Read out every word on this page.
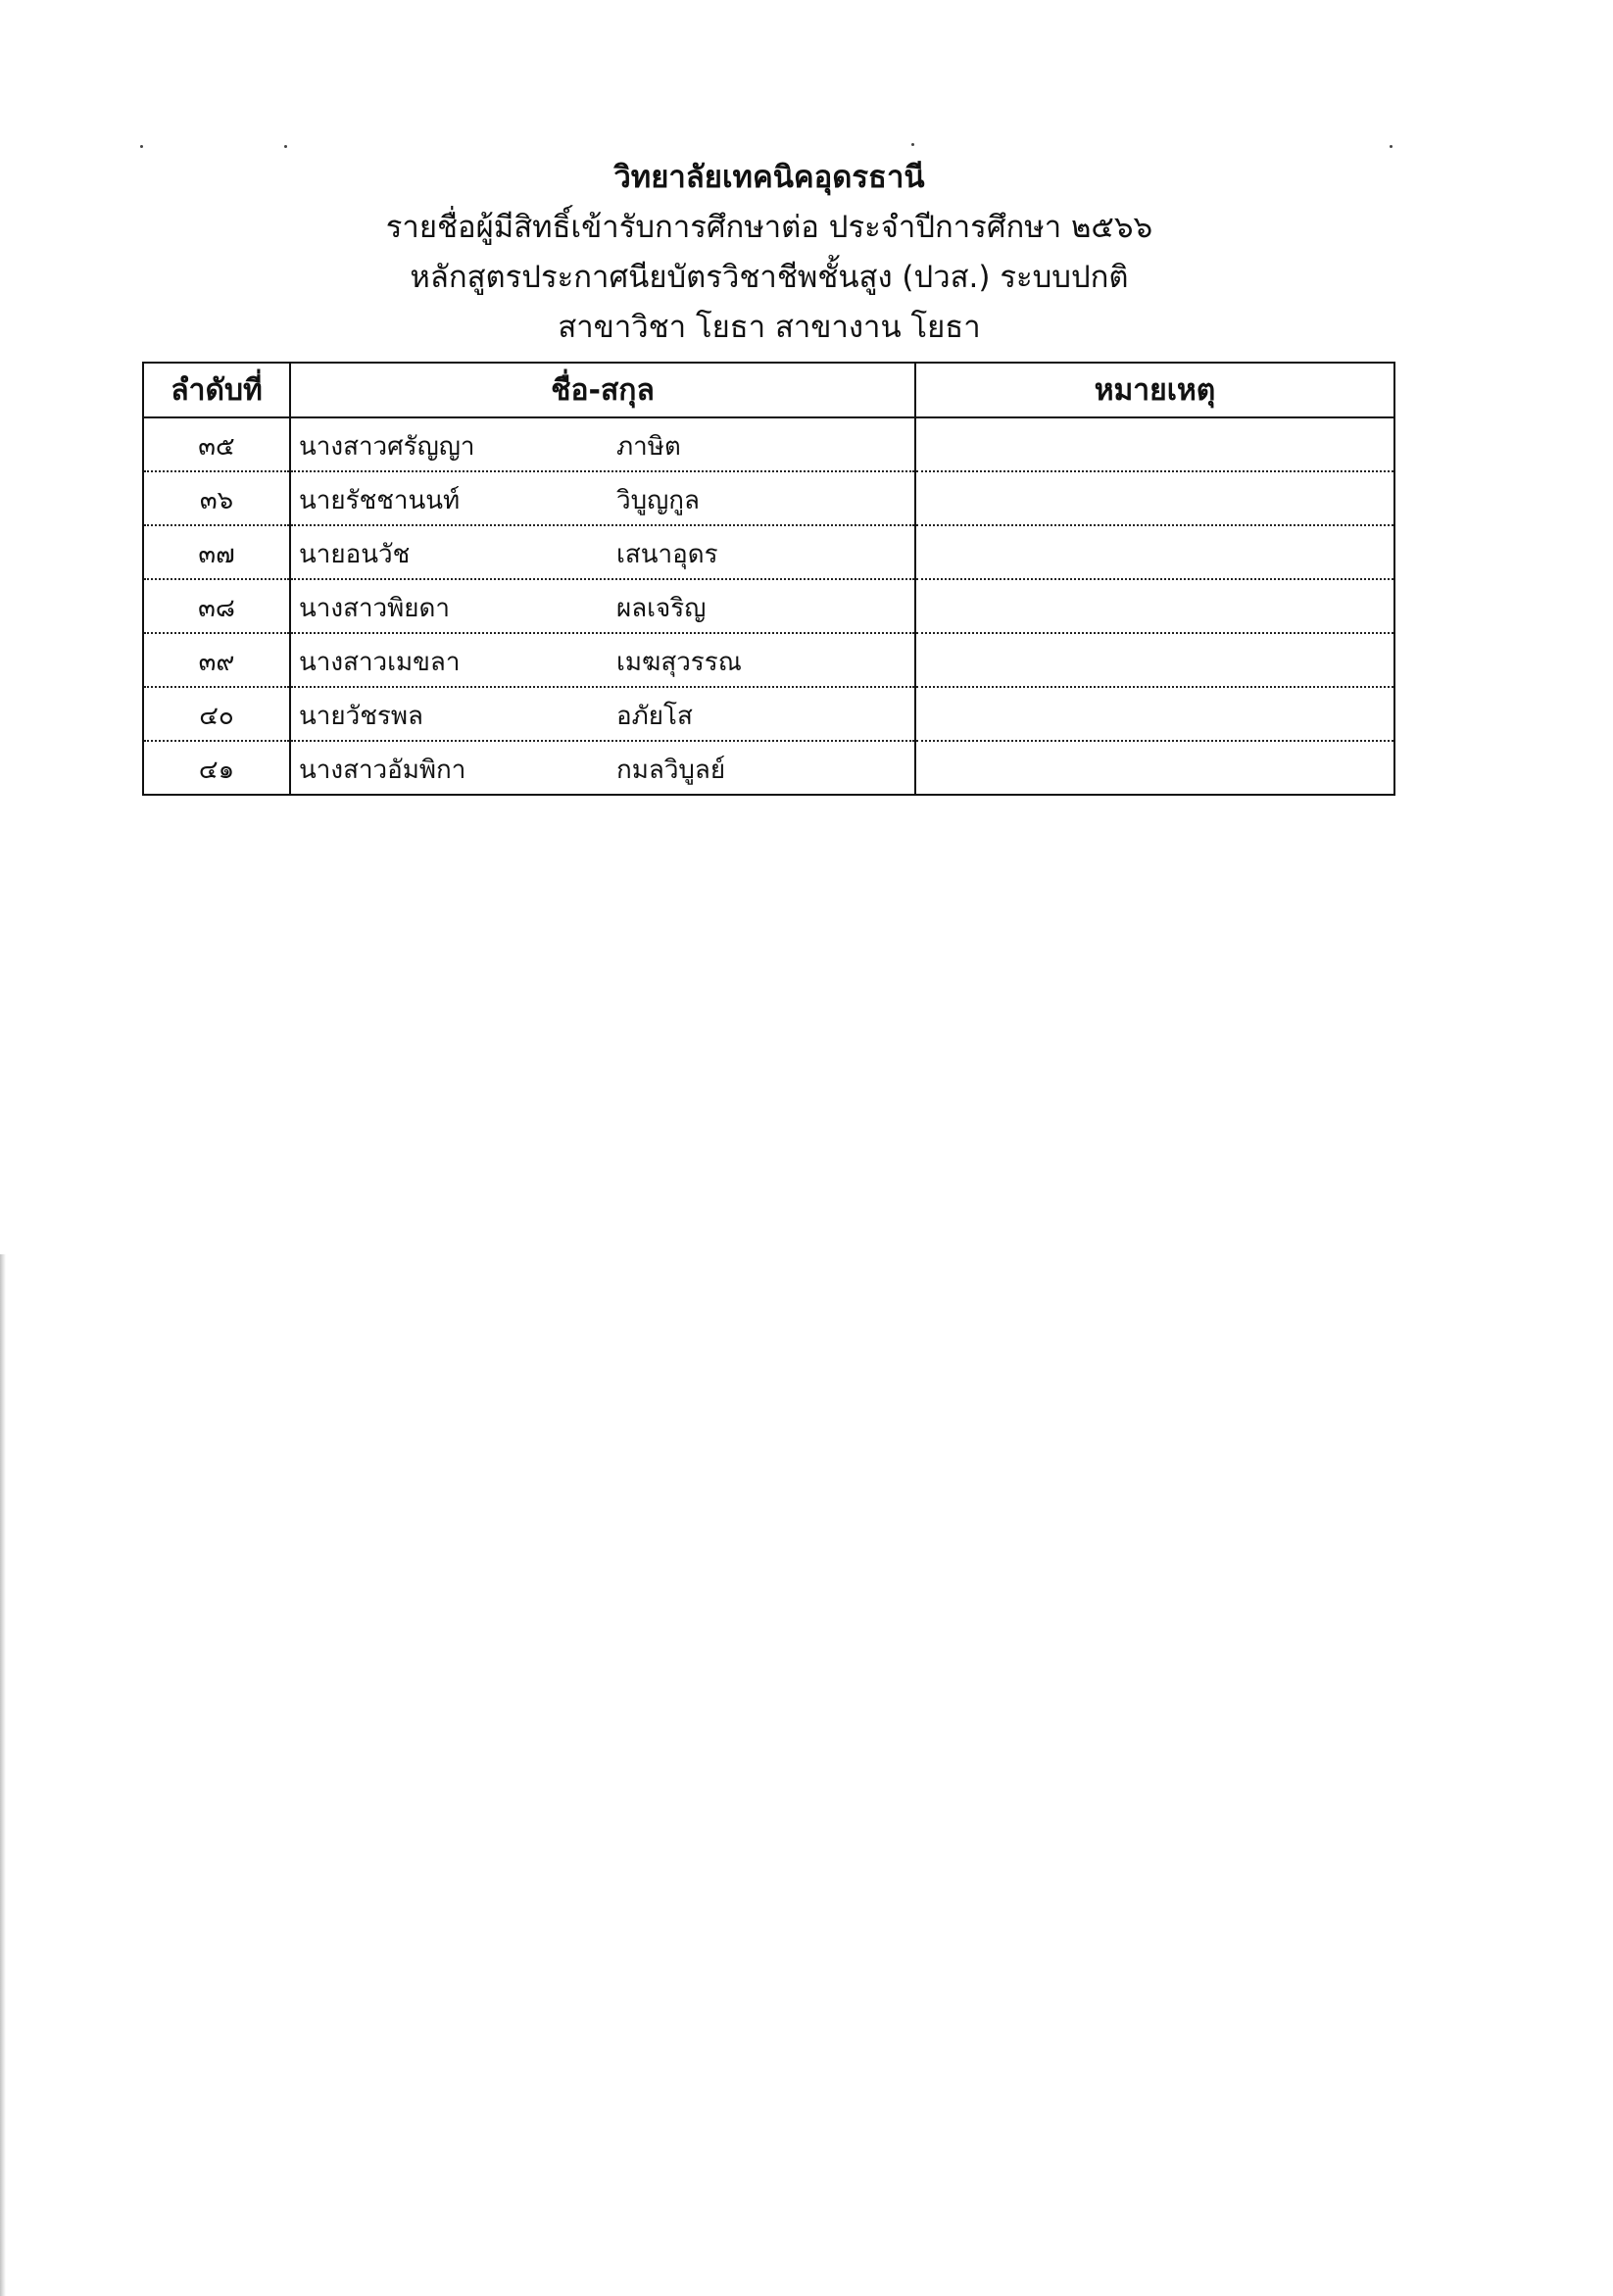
วิทยาลัยเทคนิคอุดรธานี
รายชื่อผู้มีสิทธิ์เข้ารับการศึกษาต่อ ประจำปีการศึกษา ๒๕๖๖
หลักสูตรประกาศนียบัตรวิชาชีพชั้นสูง (ปวส.) ระบบปกติ
สาขาวิชา โยธา สาขางาน โยธา
ลำดับที่	ชื่อ-สกุล	หมายเหตุ
๓๕	นางสาวศรัญญา ภาษิต	
๓๖	นายรัชชานนท์ วิบูญกูล	
๓๗	นายอนวัช เสนาอุดร	
๓๘	นางสาวพิยดา ผลเจริญ	
๓๙	นางสาวเมขลา เมฆสุวรรณ	
๔๐	นายวัชรพล อภัยโส	
๔๑	นางสาวอัมพิกา กมลวิบูลย์	
